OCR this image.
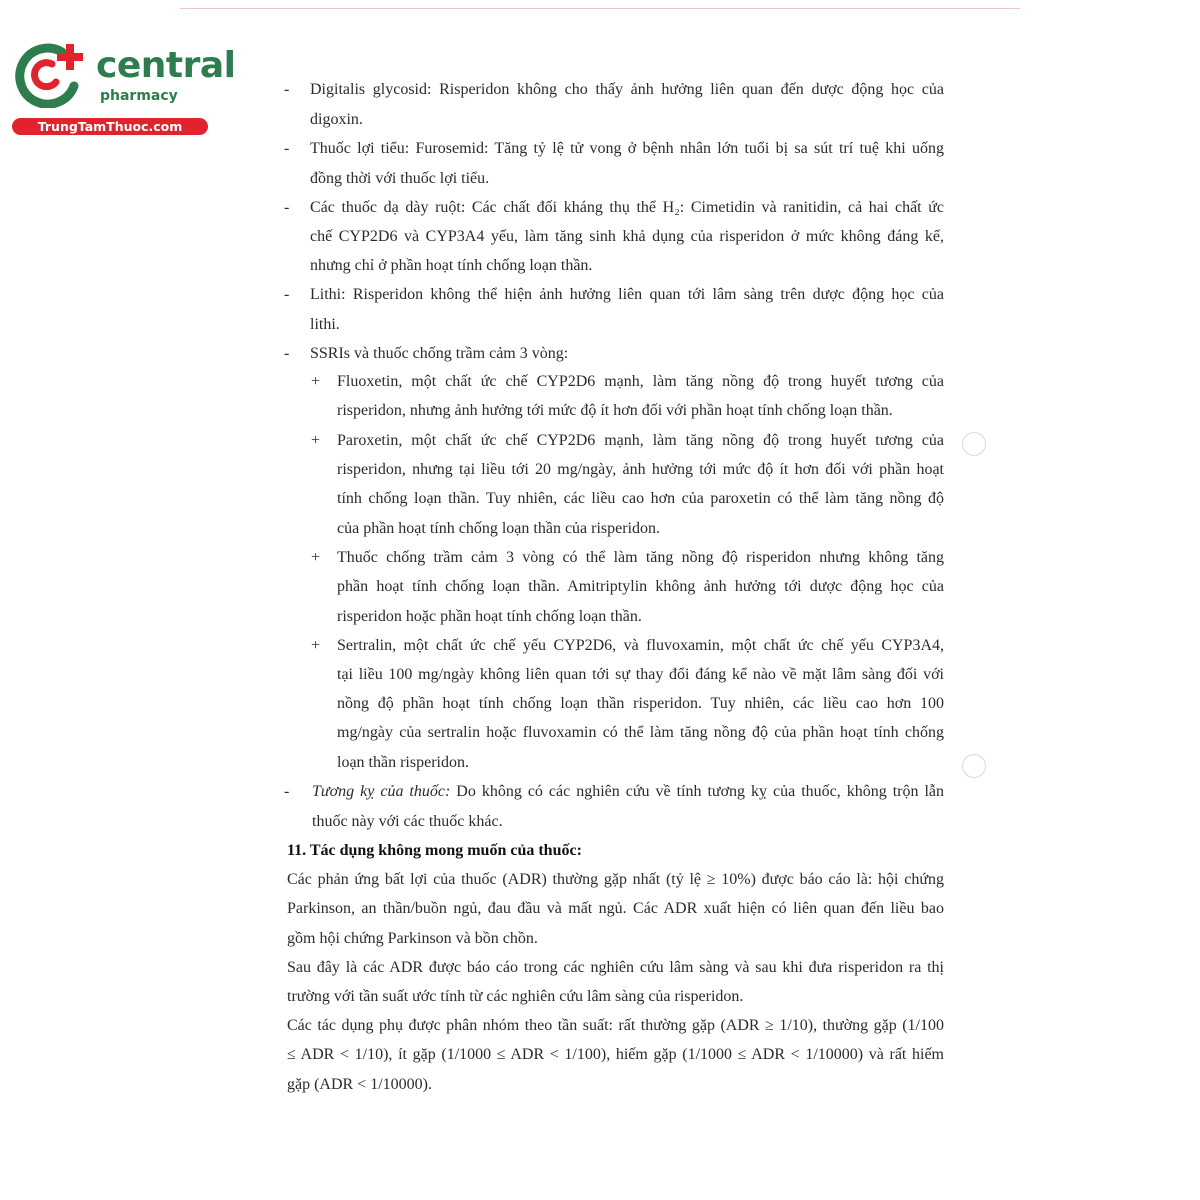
central
pharmacy
TrungTamThuoc.com
- Digitalis glycosid: Risperidon không cho thấy ảnh hưởng liên quan đến dược động học của
digoxin.
- Thuốc lợi tiểu: Furosemid: Tăng tỷ lệ tử vong ở bệnh nhân lớn tuổi bị sa sút trí tuệ khi uống
đồng thời với thuốc lợi tiểu.
- Các thuốc dạ dày ruột: Các chất đối kháng thụ thể H₂: Cimetidin và ranitidin, cả hai chất ức
chế CYP2D6 và CYP3A4 yếu, làm tăng sinh khả dụng của risperidon ở mức không đáng kể,
nhưng chỉ ở phần hoạt tính chống loạn thần.
- Lithi: Risperidon không thể hiện ảnh hưởng liên quan tới lâm sàng trên dược động học của
lithi.
- SSRIs và thuốc chống trầm cảm 3 vòng:
+ Fluoxetin, một chất ức chế CYP2D6 mạnh, làm tăng nồng độ trong huyết tương của
risperidon, nhưng ảnh hưởng tới mức độ ít hơn đối với phần hoạt tính chống loạn thần.
+ Paroxetin, một chất ức chế CYP2D6 mạnh, làm tăng nồng độ trong huyết tương của
risperidon, nhưng tại liều tới 20 mg/ngày, ảnh hưởng tới mức độ ít hơn đối với phần hoạt
tính chống loạn thần. Tuy nhiên, các liều cao hơn của paroxetin có thể làm tăng nồng độ
của phần hoạt tính chống loạn thần của risperidon.
+ Thuốc chống trầm cảm 3 vòng có thể làm tăng nồng độ risperidon nhưng không tăng
phần hoạt tính chống loạn thần. Amitriptylin không ảnh hưởng tới dược động học của
risperidon hoặc phần hoạt tính chống loạn thần.
+ Sertralin, một chất ức chế yếu CYP2D6, và fluvoxamin, một chất ức chế yếu CYP3A4,
tại liều 100 mg/ngày không liên quan tới sự thay đổi đáng kể nào về mặt lâm sàng đối với
nồng độ phần hoạt tính chống loạn thần risperidon. Tuy nhiên, các liều cao hơn 100
mg/ngày của sertralin hoặc fluvoxamin có thể làm tăng nồng độ của phần hoạt tính chống
loạn thần risperidon.
- Tương kỵ của thuốc: Do không có các nghiên cứu về tính tương kỵ của thuốc, không trộn lẫn
thuốc này với các thuốc khác.
11. Tác dụng không mong muốn của thuốc:
Các phản ứng bất lợi của thuốc (ADR) thường gặp nhất (tỷ lệ ≥ 10%) được báo cáo là: hội chứng
Parkinson, an thần/buồn ngủ, đau đầu và mất ngủ. Các ADR xuất hiện có liên quan đến liều bao
gồm hội chứng Parkinson và bồn chồn.
Sau đây là các ADR được báo cáo trong các nghiên cứu lâm sàng và sau khi đưa risperidon ra thị
trường với tần suất ước tính từ các nghiên cứu lâm sàng của risperidon.
Các tác dụng phụ được phân nhóm theo tần suất: rất thường gặp (ADR ≥ 1/10), thường gặp (1/100
≤ ADR < 1/10), ít gặp (1/1000 ≤ ADR < 1/100), hiếm gặp (1/1000 ≤ ADR < 1/10000) và rất hiếm
gặp (ADR < 1/10000).
